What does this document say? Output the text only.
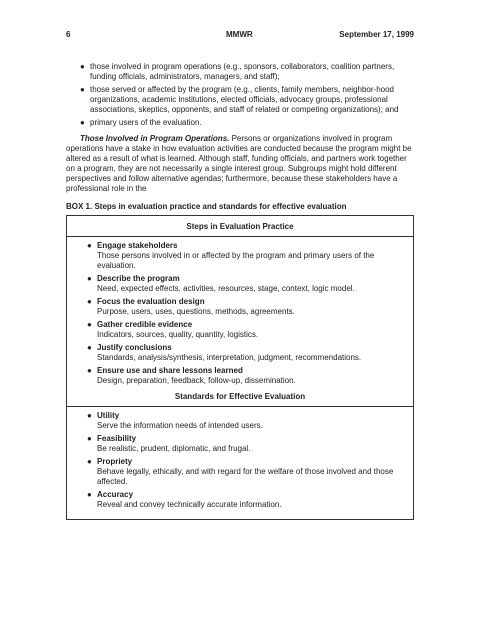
6	MMWR	September 17, 1999
● those involved in program operations (e.g., sponsors, collaborators, coalition partners, funding officials, administrators, managers, and staff);
● those served or affected by the program (e.g., clients, family members, neighbor-hood organizations, academic institutions, elected officials, advocacy groups, professional associations, skeptics, opponents, and staff of related or competing organizations); and
● primary users of the evaluation.

Those Involved in Program Operations. Persons or organizations involved in program operations have a stake in how evaluation activities are conducted because the program might be altered as a result of what is learned. Although staff, funding officials, and partners work together on a program, they are not necessarily a single interest group. Subgroups might hold different perspectives and follow alternative agendas; furthermore, because these stakeholders have a professional role in the

BOX 1. Steps in evaluation practice and standards for effective evaluation
Steps in Evaluation Practice
● Engage stakeholders
Those persons involved in or affected by the program and primary users of the evaluation.
● Describe the program
Need, expected effects, activities, resources, stage, context, logic model.
● Focus the evaluation design
Purpose, users, uses, questions, methods, agreements.
● Gather credible evidence
Indicators, sources, quality, quantity, logistics.
● Justify conclusions
Standards, analysis/synthesis, interpretation, judgment, recommendations.
● Ensure use and share lessons learned
Design, preparation, feedback, follow-up, dissemination.
Standards for Effective Evaluation
● Utility
Serve the information needs of intended users.
● Feasibility
Be realistic, prudent, diplomatic, and frugal.
● Propriety
Behave legally, ethically, and with regard for the welfare of those involved and those affected.
● Accuracy
Reveal and convey technically accurate information.
